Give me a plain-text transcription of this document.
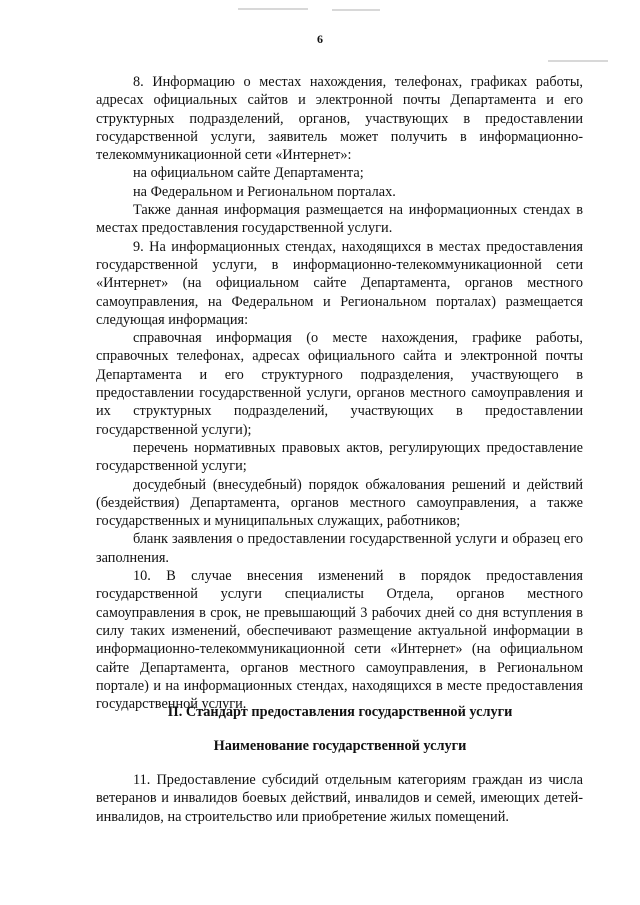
6

8. Информацию о местах нахождения, телефонах, графиках работы, адресах официальных сайтов и электронной почты Департамента и его структурных подразделений, органов, участвующих в предоставлении государственной услуги, заявитель может получить в информационно-телекоммуникационной сети «Интернет»:

на официальном сайте Департамента;

на Федеральном и Региональном порталах.

Также данная информация размещается на информационных стендах в местах предоставления государственной услуги.

9. На информационных стендах, находящихся в местах предоставления государственной услуги, в информационно-телекоммуникационной сети «Интернет» (на официальном сайте Департамента, органов местного самоуправления, на Федеральном и Региональном порталах) размещается следующая информация:

справочная информация (о месте нахождения, графике работы, справочных телефонах, адресах официального сайта и электронной почты Департамента и его структурного подразделения, участвующего в предоставлении государственной услуги, органов местного самоуправления и их структурных подразделений, участвующих в предоставлении государственной услуги);

перечень нормативных правовых актов, регулирующих предоставление государственной услуги;

досудебный (внесудебный) порядок обжалования решений и действий (бездействия) Департамента, органов местного самоуправления, а также государственных и муниципальных служащих, работников;

бланк заявления о предоставлении государственной услуги и образец его заполнения.

10. В случае внесения изменений в порядок предоставления государственной услуги специалисты Отдела, органов местного самоуправления в срок, не превышающий 3 рабочих дней со дня вступления в силу таких изменений, обеспечивают размещение актуальной информации в информационно-телекоммуникационной сети «Интернет» (на официальном сайте Департамента, органов местного самоуправления, в Региональном портале) и на информационных стендах, находящихся в месте предоставления государственной услуги.

II. Стандарт предоставления государственной услуги
Наименование государственной услуги

11. Предоставление субсидий отдельным категориям граждан из числа ветеранов и инвалидов боевых действий, инвалидов и семей, имеющих детей-инвалидов, на строительство или приобретение жилых помещений.
